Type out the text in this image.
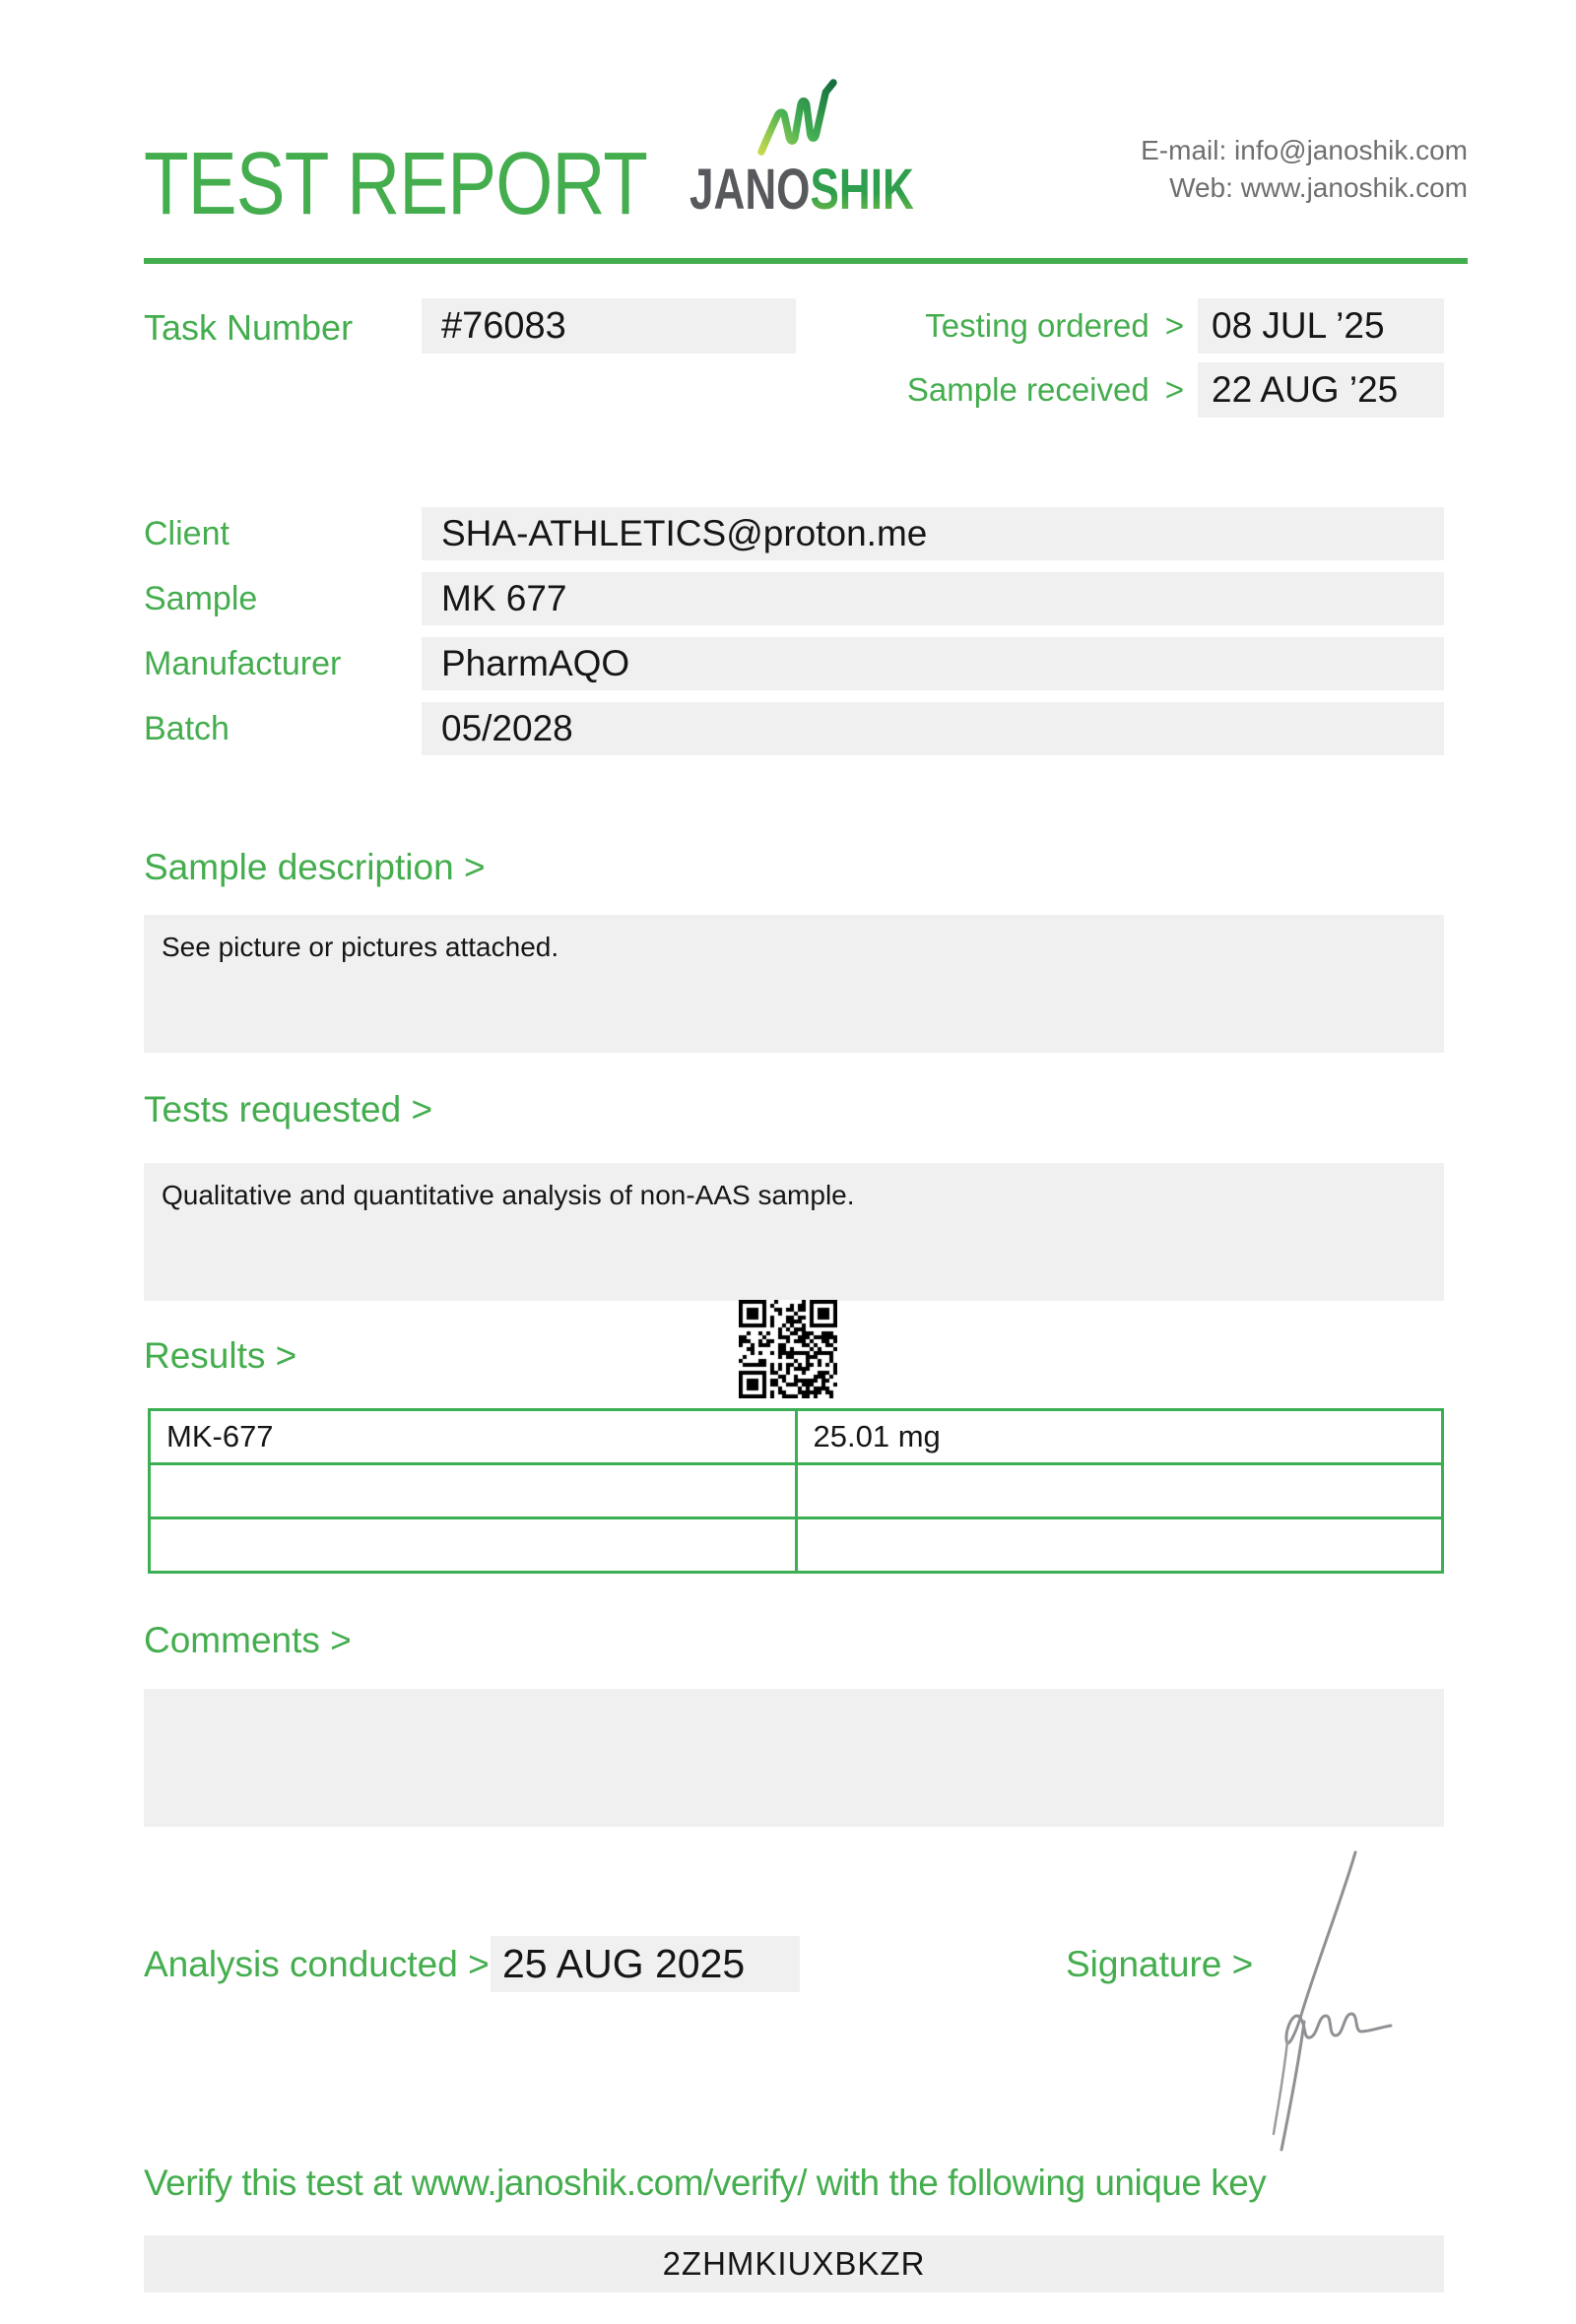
TEST REPORT JANOSHIK
E-mail: info@janoshik.com
Web: www.janoshik.com
Task Number	#76083	Testing ordered > 08 JUL ’25
Sample received > 22 AUG ’25
Client	SHA-ATHLETICS@proton.me
Sample	MK 677
Manufacturer	PharmAQO
Batch	05/2028
Sample description >
See picture or pictures attached.
Tests requested >
Qualitative and quantitative analysis of non-AAS sample.
Results >
MK-677	25.01 mg

Comments >
Analysis conducted > 25 AUG 2025	Signature >
Verify this test at www.janoshik.com/verify/ with the following unique key
2ZHMKIUXBKZR
